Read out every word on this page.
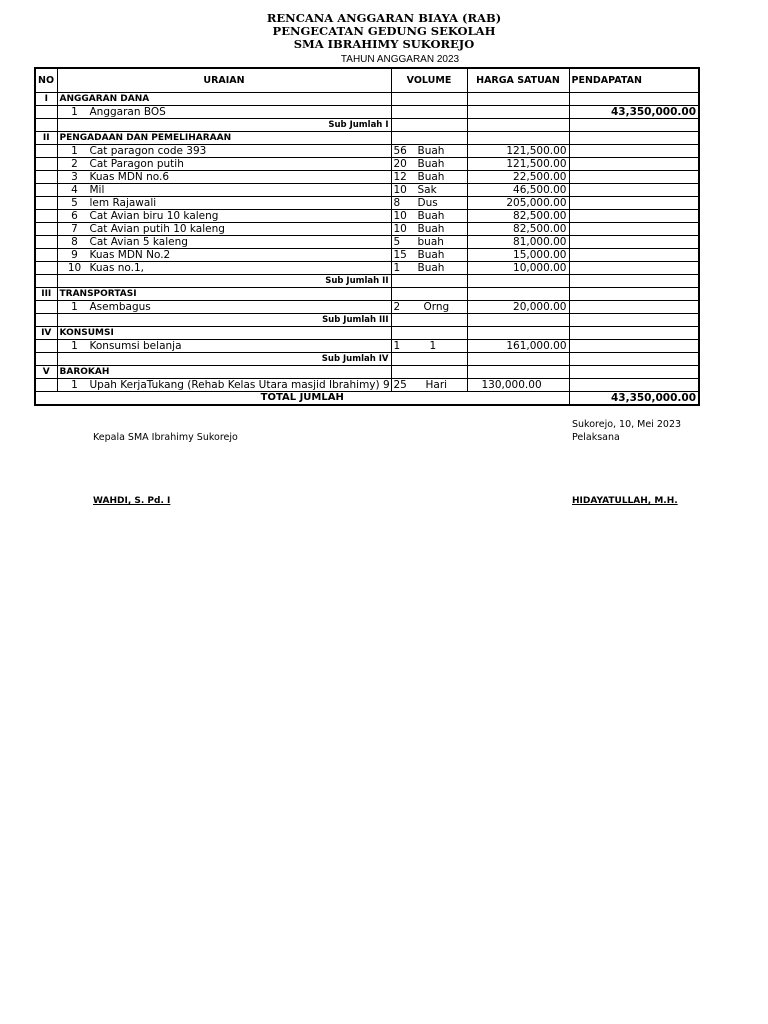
RENCANA ANGGARAN BIAYA (RAB)
PENGECATAN GEDUNG SEKOLAH
SMA IBRAHIMY SUKOREJO
TAHUN ANGGARAN 2023
NO	URAIAN	VOLUME	HARGA SATUAN	PENDAPATAN
I	ANGGARAN DANA			
	1 Anggaran BOS			43,350,000.00
	Sub Jumlah I			
II	PENGADAAN DAN PEMELIHARAAN			
	1 Cat paragon code 393	56 Buah	121,500.00	
	2 Cat Paragon putih	20 Buah	121,500.00	
	3 Kuas MDN no.6	12 Buah	22,500.00	
	4 Mil	10 Sak	46,500.00	
	5 lem Rajawali	8 Dus	205,000.00	
	6 Cat Avian biru 10 kaleng	10 Buah	82,500.00	
	7 Cat Avian putih 10 kaleng	10 Buah	82,500.00	
	8 Cat Avian 5 kaleng	5 buah	81,000.00	
	9 Kuas MDN No.2	15 Buah	15,000.00	
	10 Kuas no.1,	1 Buah	10,000.00	
	Sub Jumlah II			
III	TRANSPORTASI			
	1 Asembagus	2 Orng	20,000.00	
	Sub Jumlah III			
IV	KONSUMSI			
	1 Konsumsi belanja	1 1	161,000.00	
	Sub Jumlah IV			
V	BAROKAH			
	1 Upah KerjaTukang (Rehab Kelas Utara masjid Ibrahimy) 9	25 Hari	130,000.00	
TOTAL JUMLAH				43,350,000.00
Sukorejo, 10, Mei 2023
Kepala SMA Ibrahimy Sukorejo	Pelaksana
WAHDI, S. Pd. I	HIDAYATULLAH, M.H.
